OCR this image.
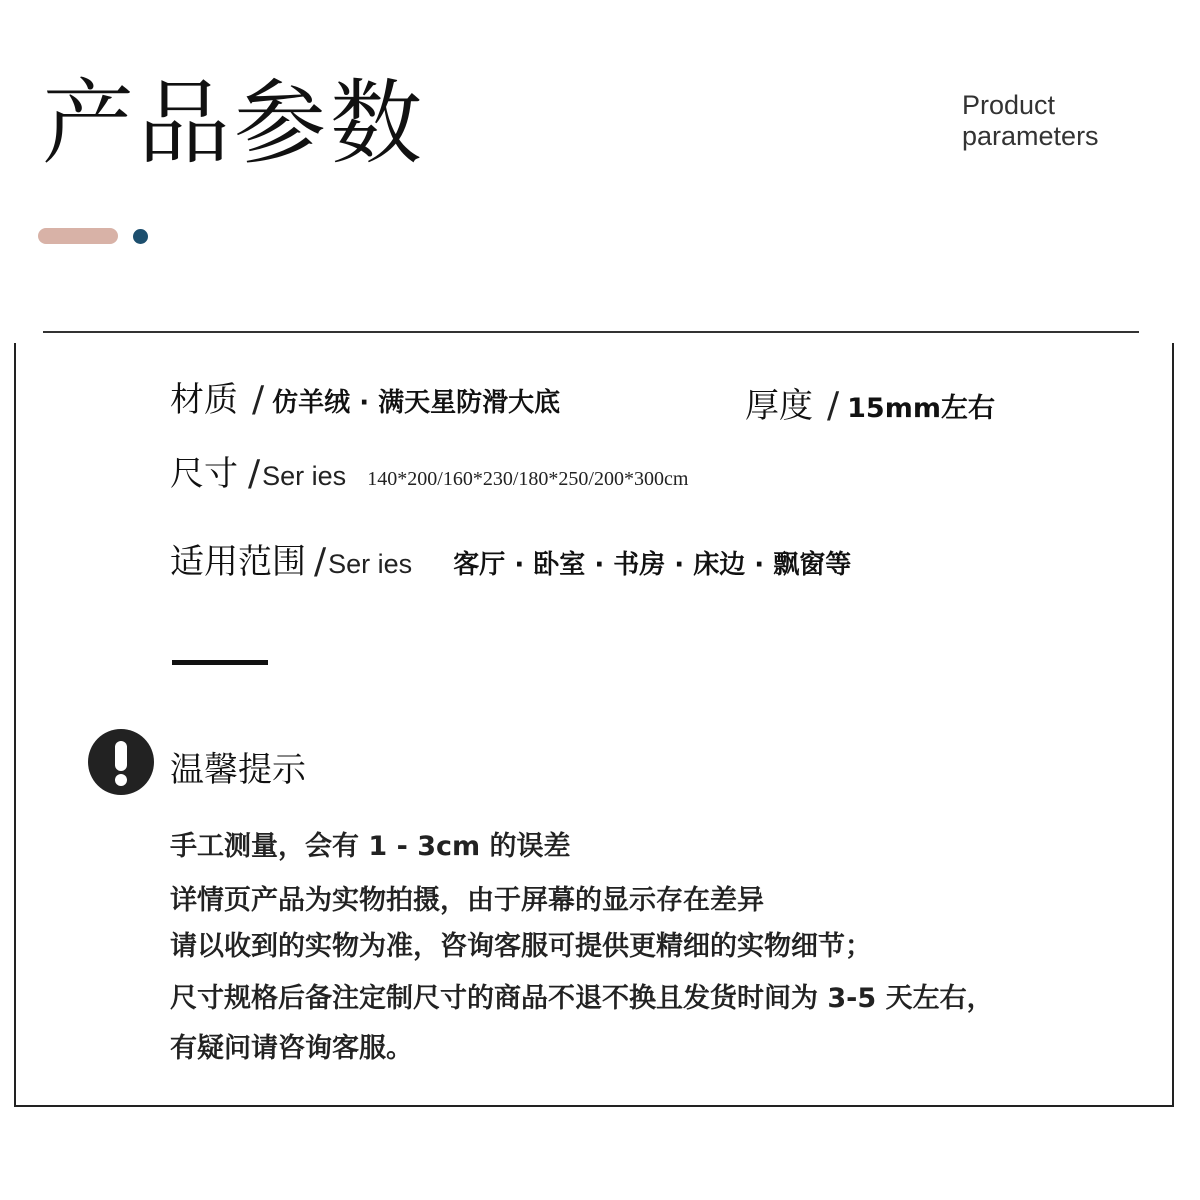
产品参数	Product
parameters
材质 / 仿羊绒 · 满天星防滑大底	厚度 / 15mm左右
尺寸 /Ser ies 140*200/160*230/180*250/200*300cm
适用范围 /Ser ies 客厅 · 卧室 · 书房 · 床边 · 飘窗等
温馨提示
手工测量，会有 1 - 3cm 的误差
详情页产品为实物拍摄，由于屏幕的显示存在差异
请以收到的实物为准，咨询客服可提供更精细的实物细节；
尺寸规格后备注定制尺寸的商品不退不换且发货时间为 3-5 天左右，
有疑问请咨询客服。
